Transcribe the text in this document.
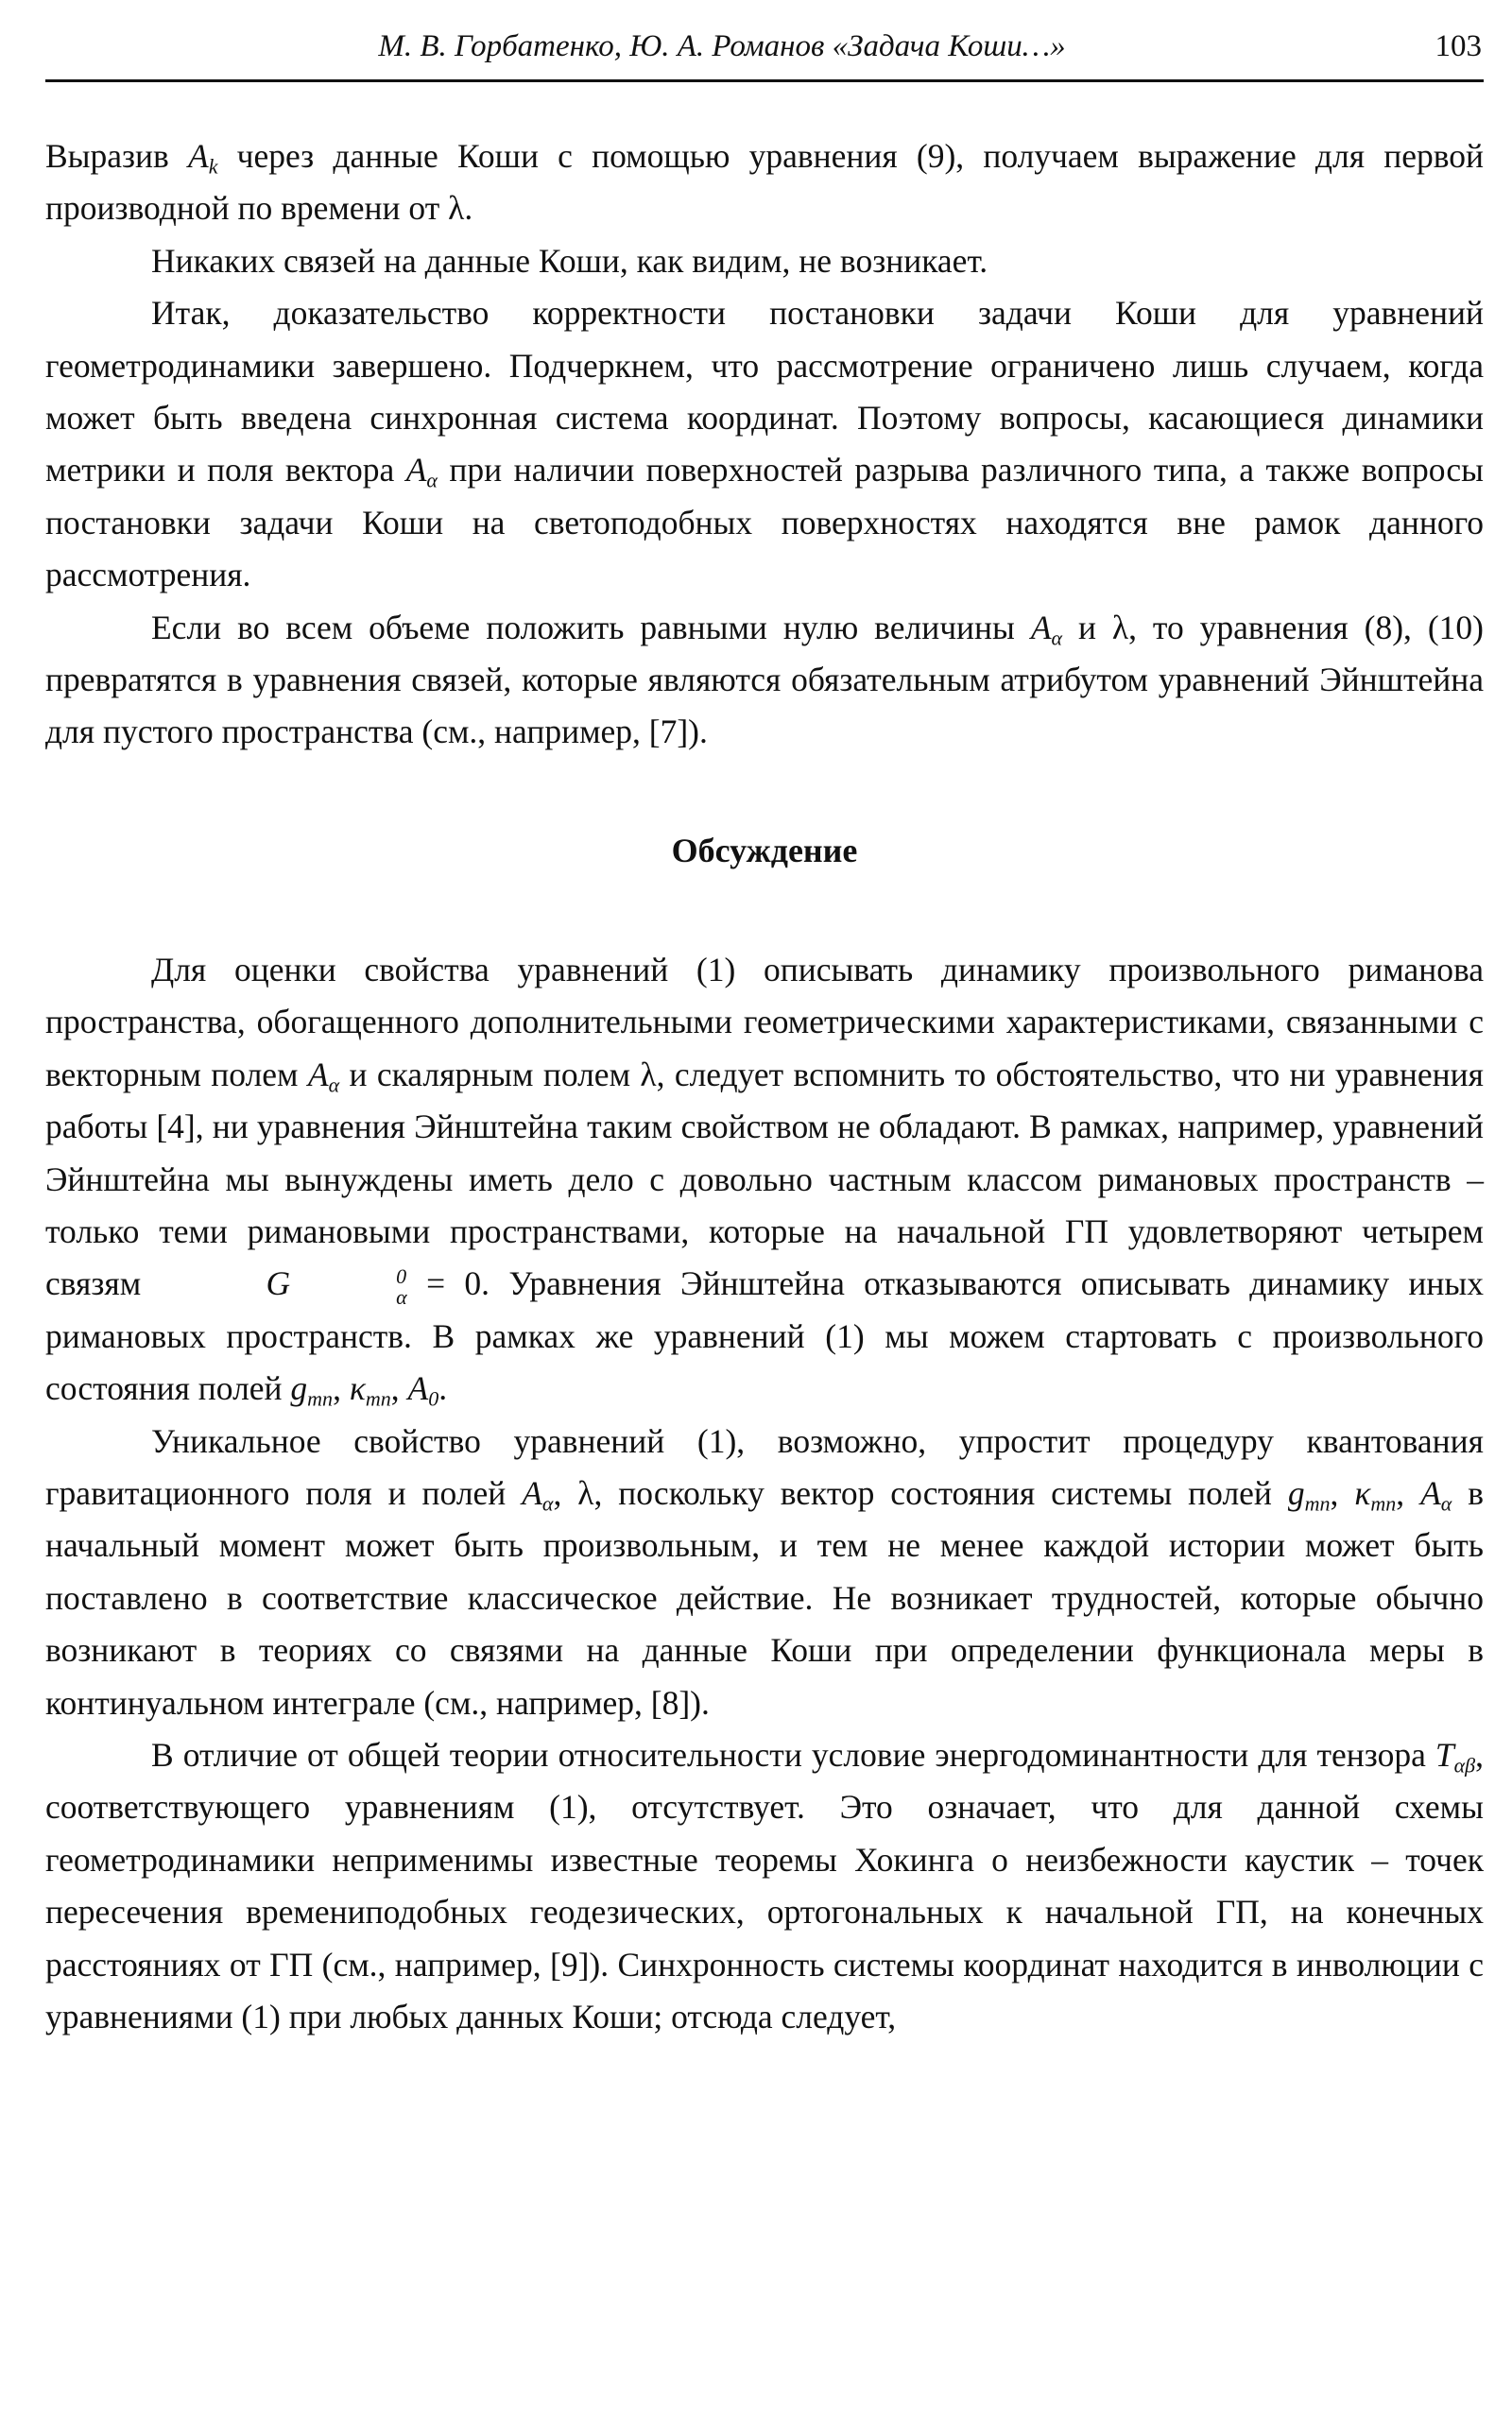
М. В. Горбатенко, Ю. А. Романов «Задача Коши…»	103

Выразив $A_k$ через данные Коши с помощью уравнения (9), получаем выражение для первой производной по времени от λ.

Никаких связей на данные Коши, как видим, не возникает.

Итак, доказательство корректности постановки задачи Коши для уравнений геометродинамики завершено. Подчеркнем, что рассмотрение ограничено лишь случаем, когда может быть введена синхронная система координат. Поэтому вопросы, касающиеся динамики метрики и поля вектора $A_\alpha$ при наличии поверхностей разрыва различного типа, а также вопросы постановки задачи Коши на светоподобных поверхностях находятся вне рамок данного рассмотрения.

Если во всем объеме положить равными нулю величины $A_\alpha$ и λ, то уравнения (8), (10) превратятся в уравнения связей, которые являются обязательным атрибутом уравнений Эйнштейна для пустого пространства (см., например, [7]).

Обсуждение

Для оценки свойства уравнений (1) описывать динамику произвольного риманова пространства, обогащенного дополнительными геометрическими характеристиками, связанными с векторным полем $A_\alpha$ и скалярным полем λ, следует вспомнить то обстоятельство, что ни уравнения работы [4], ни уравнения Эйнштейна таким свойством не обладают. В рамках, например, уравнений Эйнштейна мы вынуждены иметь дело с довольно частным классом римановых пространств – только теми римановыми пространствами, которые на начальной ГП удовлетворяют четырем связям	G	0
α = 0. Уравнения Эйнштейна отказываются описывать динамику иных римановых пространств. В рамках же уравнений (1) мы можем стартовать с произвольного состояния полей $g_{mn}$, $\kappa_{mn}$, $A_0$.

Уникальное свойство уравнений (1), возможно, упростит процедуру квантования гравитационного поля и полей $A_\alpha$, λ, поскольку вектор состояния системы полей $g_{mn}$, $\kappa_{mn}$, $A_\alpha$ в начальный момент может быть произвольным, и тем не менее каждой истории может быть поставлено в соответствие классическое действие. Не возникает трудностей, которые обычно возникают в теориях со связями на данные Коши при определении функционала меры в континуальном интеграле (см., например, [8]).

В отличие от общей теории относительности условие энергодоминантности для тензора $T_{\alpha\beta}$, соответствующего уравнениям (1), отсутствует. Это означает, что для данной схемы геометродинамики неприменимы известные теоремы Хокинга о неизбежности каустик – точек пересечения времениподобных геодезических, ортогональных к начальной ГП, на конечных расстояниях от ГП (см., например, [9]). Синхронность системы координат находится в инволюции с уравнениями (1) при любых данных Коши; отсюда следует,
